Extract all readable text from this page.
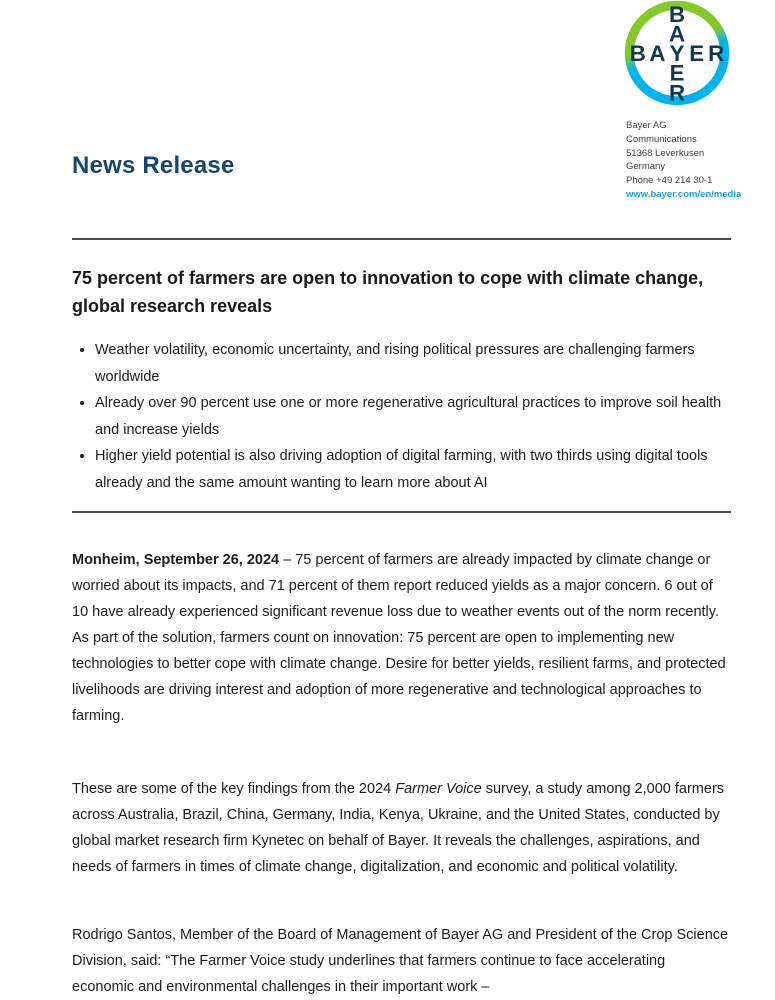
B
A
E
R
B A Y E R
Bayer AG
Communications
51368 Leverkusen
Germany
Phone +49 214 30-1
www.bayer.com/en/media
News Release
75 percent of farmers are open to innovation to cope with climate change, global research reveals
• Weather volatility, economic uncertainty, and rising political pressures are challenging farmers worldwide
• Already over 90 percent use one or more regenerative agricultural practices to improve soil health and increase yields
• Higher yield potential is also driving adoption of digital farming, with two thirds using digital tools already and the same amount wanting to learn more about AI

Monheim, September 26, 2024 – 75 percent of farmers are already impacted by climate change or worried about its impacts, and 71 percent of them report reduced yields as a major concern. 6 out of 10 have already experienced significant revenue loss due to weather events out of the norm recently. As part of the solution, farmers count on innovation: 75 percent are open to implementing new technologies to better cope with climate change. Desire for better yields, resilient farms, and protected livelihoods are driving interest and adoption of more regenerative and technological approaches to farming.

These are some of the key findings from the 2024 Farmer Voice survey, a study among 2,000 farmers across Australia, Brazil, China, Germany, India, Kenya, Ukraine, and the United States, conducted by global market research firm Kynetec on behalf of Bayer. It reveals the challenges, aspirations, and needs of farmers in times of climate change, digitalization, and economic and political volatility.

Rodrigo Santos, Member of the Board of Management of Bayer AG and President of the Crop Science Division, said: “The Farmer Voice study underlines that farmers continue to face accelerating economic and environmental challenges in their important work –
